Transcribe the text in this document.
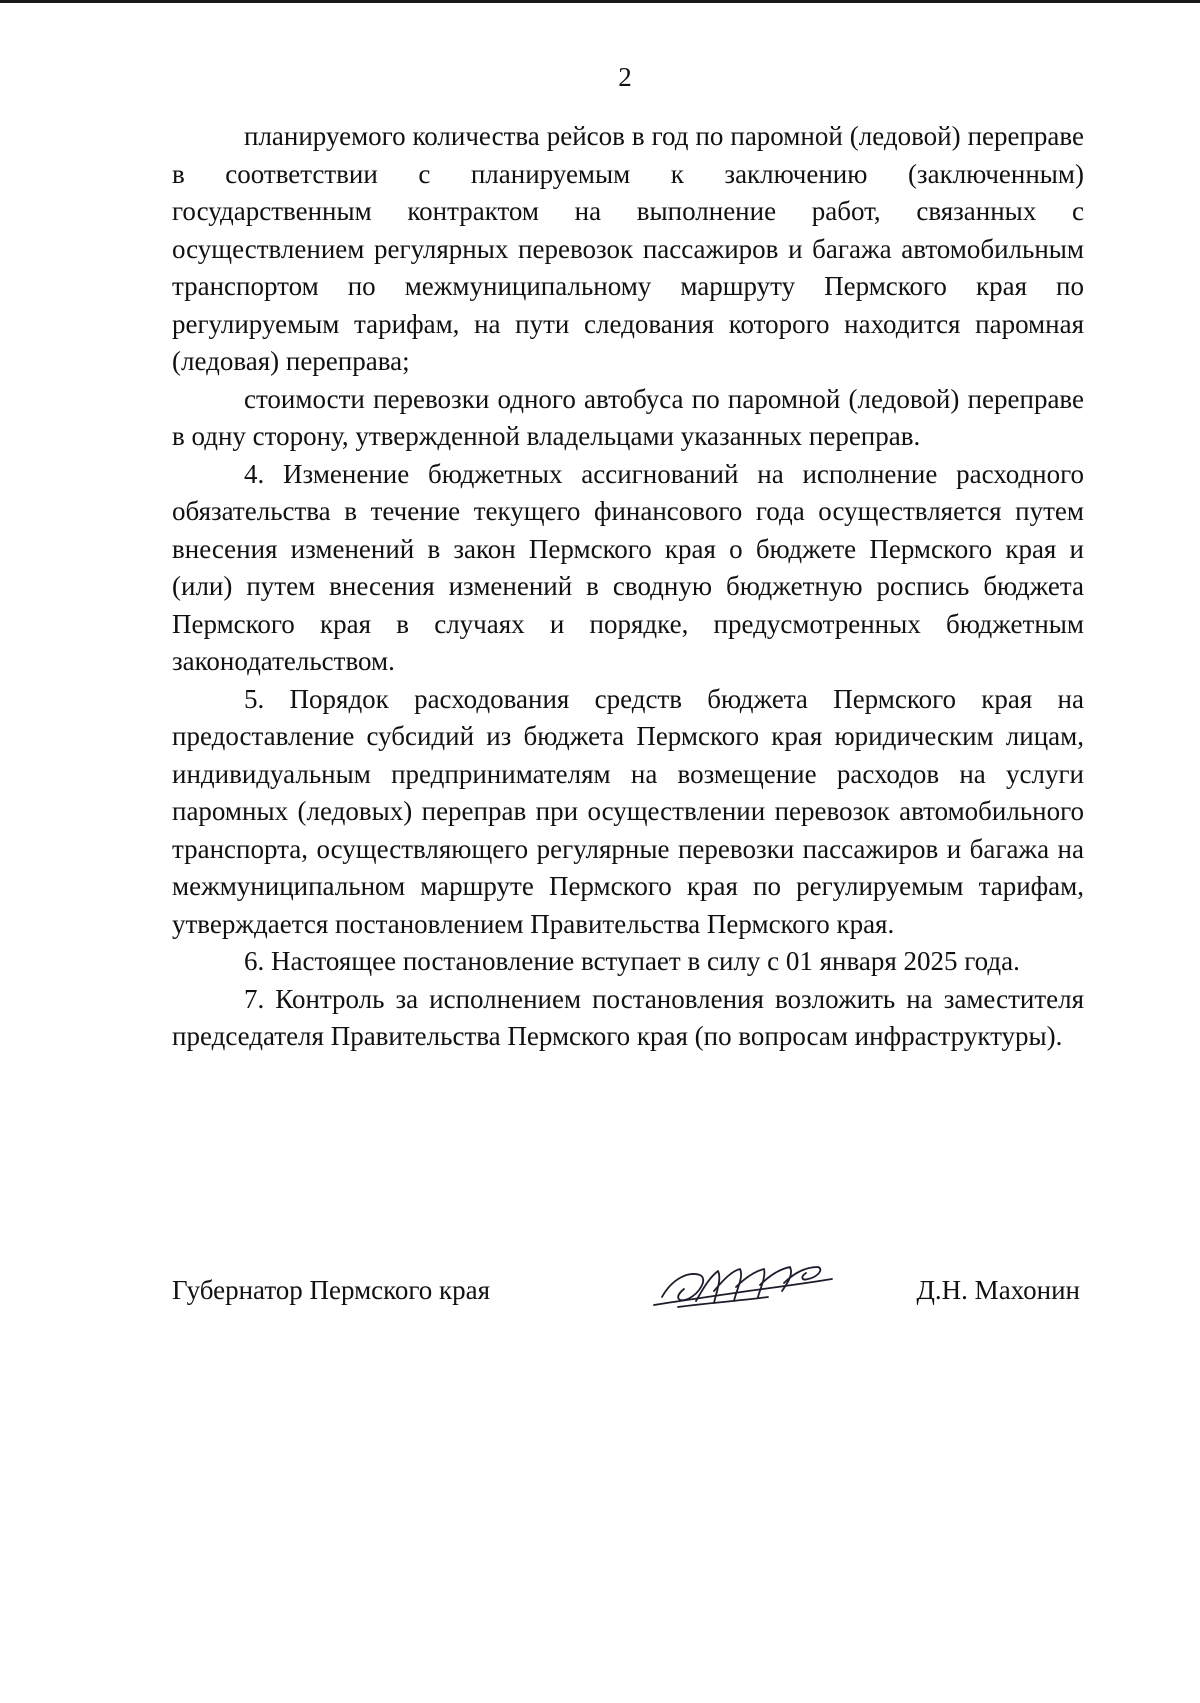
2

планируемого количества рейсов в год по паромной (ледовой) переправе в соответствии с планируемым к заключению (заключенным) государственным контрактом на выполнение работ, связанных с осуществлением регулярных перевозок пассажиров и багажа автомобильным транспортом по межмуниципальному маршруту Пермского края по регулируемым тарифам, на пути следования которого находится паромная (ледовая) переправа;

стоимости перевозки одного автобуса по паромной (ледовой) переправе в одну сторону, утвержденной владельцами указанных переправ.

4. Изменение бюджетных ассигнований на исполнение расходного обязательства в течение текущего финансового года осуществляется путем внесения изменений в закон Пермского края о бюджете Пермского края и (или) путем внесения изменений в сводную бюджетную роспись бюджета Пермского края в случаях и порядке, предусмотренных бюджетным законодательством.

5. Порядок расходования средств бюджета Пермского края на предоставление субсидий из бюджета Пермского края юридическим лицам, индивидуальным предпринимателям на возмещение расходов на услуги паромных (ледовых) переправ при осуществлении перевозок автомобильного транспорта, осуществляющего регулярные перевозки пассажиров и багажа на межмуниципальном маршруте Пермского края по регулируемым тарифам, утверждается постановлением Правительства Пермского края.

6. Настоящее постановление вступает в силу с 01 января 2025 года.

7. Контроль за исполнением постановления возложить на заместителя председателя Правительства Пермского края (по вопросам инфраструктуры).

Губернатор Пермского края	Д.Н. Махонин
